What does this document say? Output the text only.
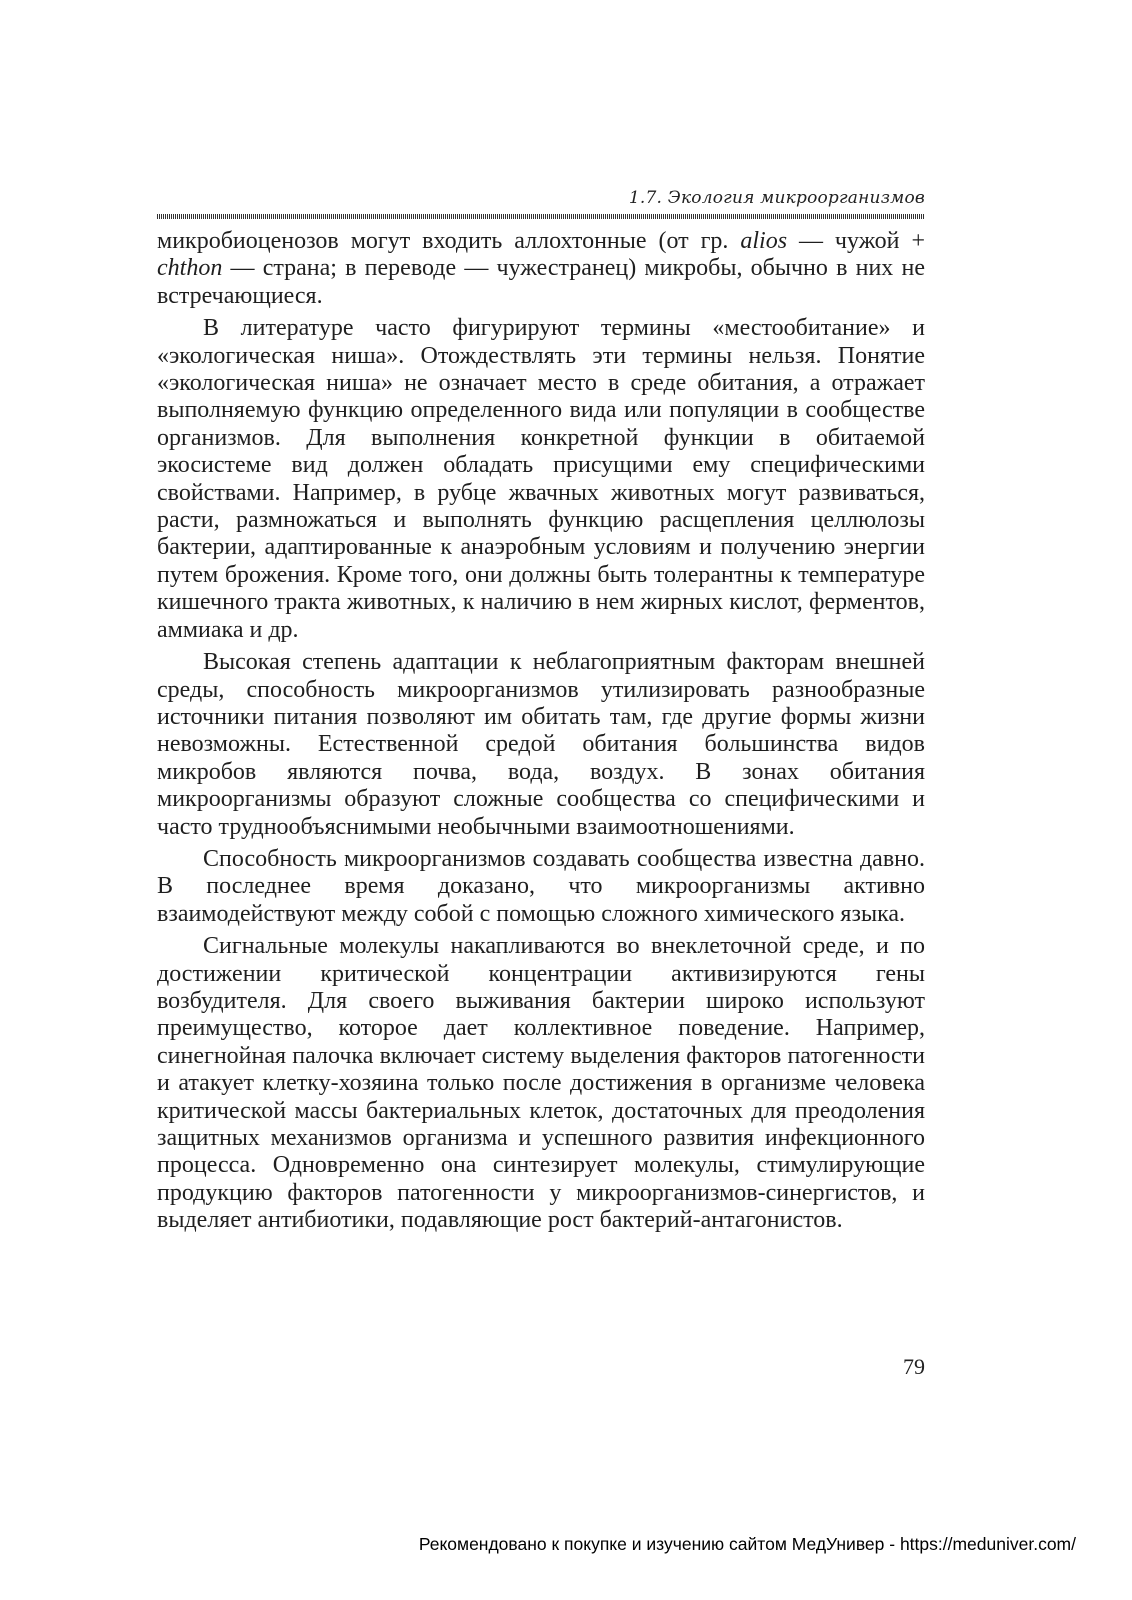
1.7. Экология микроорганизмов

микробиоценозов могут входить аллохтонные (от гр. alios — чужой + chthon — страна; в переводе — чужестранец) микробы, обычно в них не встречающиеся.

В литературе часто фигурируют термины «местообитание» и «экологическая ниша». Отождествлять эти термины нельзя. Понятие «экологическая ниша» не означает место в среде обитания, а отражает выполняемую функцию определенного вида или популяции в сообществе организмов. Для выполнения конкретной функции в обитаемой экосистеме вид должен обладать присущими ему специфическими свойствами. Например, в рубце жвачных животных могут развиваться, расти, размножаться и выполнять функцию расщепления целлюлозы бактерии, адаптированные к анаэробным условиям и получению энергии путем брожения. Кроме того, они должны быть толерантны к температуре кишечного тракта животных, к наличию в нем жирных кислот, ферментов, аммиака и др.

Высокая степень адаптации к неблагоприятным факторам внешней среды, способность микроорганизмов утилизировать разнообразные источники питания позволяют им обитать там, где другие формы жизни невозможны. Естественной средой обитания большинства видов микробов являются почва, вода, воздух. В зонах обитания микроорганизмы образуют сложные сообщества со специфическими и часто труднообъяснимыми необычными взаимоотношениями.

Способность микроорганизмов создавать сообщества известна давно. В последнее время доказано, что микроорганизмы активно взаимодействуют между собой с помощью сложного химического языка.

Сигнальные молекулы накапливаются во внеклеточной среде, и по достижении критической концентрации активизируются гены возбудителя. Для своего выживания бактерии широко используют преимущество, которое дает коллективное поведение. Например, синегнойная палочка включает систему выделения факторов патогенности и атакует клетку-хозяина только после достижения в организме человека критической массы бактериальных клеток, достаточных для преодоления защитных механизмов организма и успешного развития инфекционного процесса. Одновременно она синтезирует молекулы, стимулирующие продукцию факторов патогенности у микроорганизмов-синергистов, и выделяет антибиотики, подавляющие рост бактерий-антагонистов.

79
Рекомендовано к покупке и изучению сайтом МедУнивер - https://meduniver.com/
